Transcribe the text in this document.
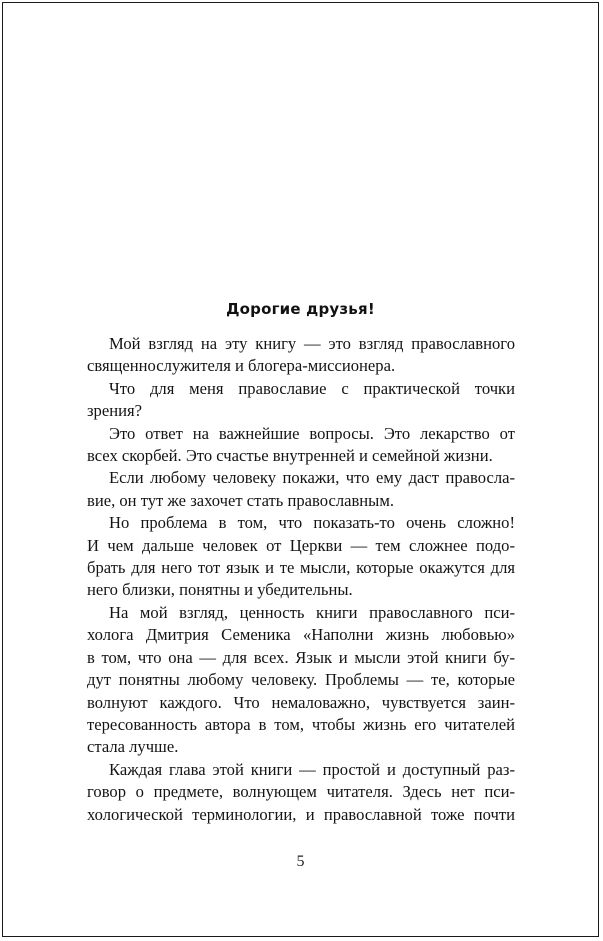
Дорогие друзья!
Мой взгляд на эту книгу — это взгляд православного
священнослужителя и блогера-миссионера.
Что для меня православие с практической точки
зрения?
Это ответ на важнейшие вопросы. Это лекарство от
всех скорбей. Это счастье внутренней и семейной жизни.
Если любому человеку покажи, что ему даст правосла-
вие, он тут же захочет стать православным.
Но проблема в том, что показать-то очень сложно!
И чем дальше человек от Церкви — тем сложнее подо-
брать для него тот язык и те мысли, которые окажутся для
него близки, понятны и убедительны.
На мой взгляд, ценность книги православного пси-
холога Дмитрия Семеника «Наполни жизнь любовью»
в том, что она — для всех. Язык и мысли этой книги бу-
дут понятны любому человеку. Проблемы — те, которые
волнуют каждого. Что немаловажно, чувствуется заин-
тересованность автора в том, чтобы жизнь его читателей
стала лучше.
Каждая глава этой книги — простой и доступный раз-
говор о предмете, волнующем читателя. Здесь нет пси-
хологической терминологии, и православной тоже почти
5
